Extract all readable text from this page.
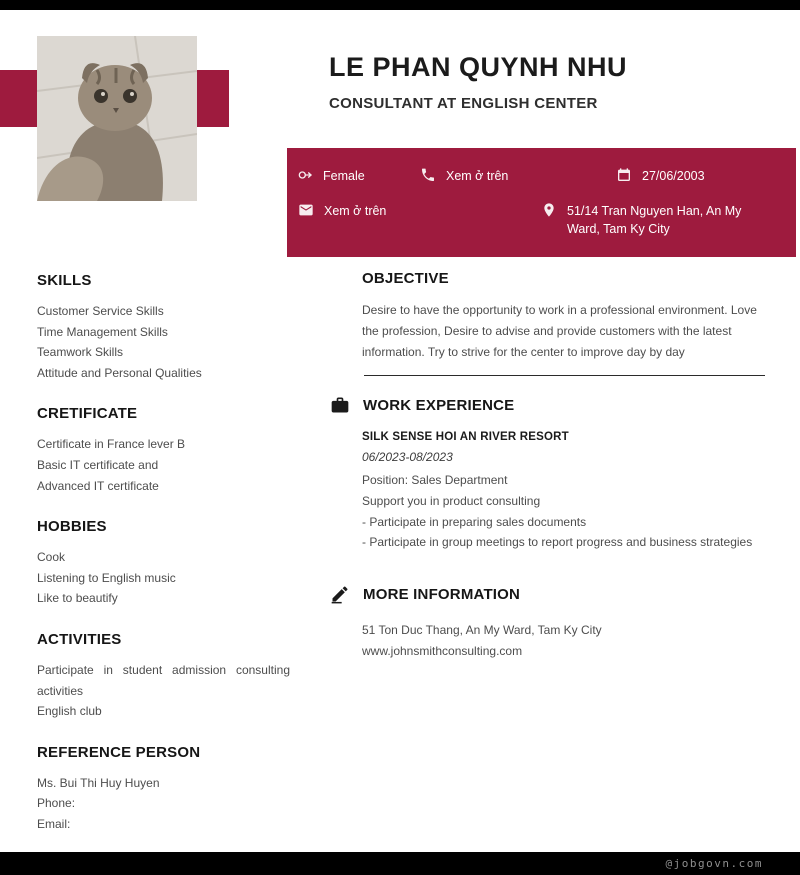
LE PHAN QUYNH NHU
CONSULTANT AT ENGLISH CENTER
Female	Xem ở trên	27/06/2003
Xem ở trên	51/14 Tran Nguyen Han, An My Ward, Tam Ky City
SKILLS
Customer Service Skills
Time Management Skills
Teamwork Skills
Attitude and Personal Qualities
CRETIFICATE
Certificate in France lever B
Basic IT certificate and
Advanced IT certificate
HOBBIES
Cook
Listening to English music
Like to beautify
ACTIVITIES
Participate in student admission consulting activities
English club
REFERENCE PERSON
Ms. Bui Thi Huy Huyen
Phone:
Email:
OBJECTIVE

Desire to have the opportunity to work in a professional environment. Love the profession, Desire to advise and provide customers with the latest information. Try to strive for the center to improve day by day

WORK EXPERIENCE
SILK SENSE HOI AN RIVER RESORT
06/2023-08/2023
Position: Sales Department
Support you in product consulting
- Participate in preparing sales documents
- Participate in group meetings to report progress and business strategies
MORE INFORMATION
51 Ton Duc Thang, An My Ward, Tam Ky City
www.johnsmithconsulting.com
@jobgovn.com
